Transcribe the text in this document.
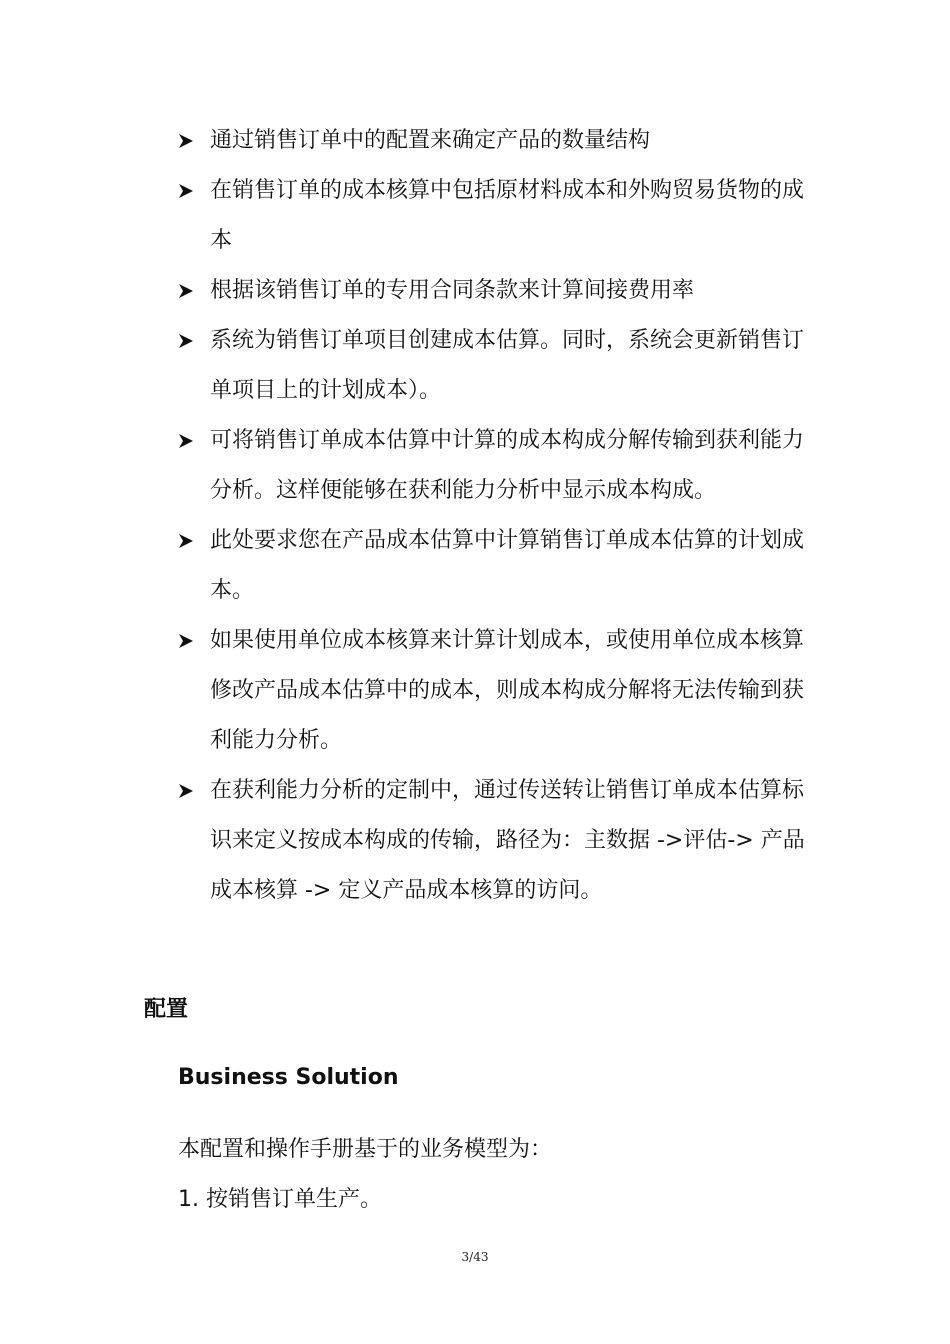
通过销售订单中的配置来确定产品的数量结构
在销售订单的成本核算中包括原材料成本和外购贸易货物的成本
根据该销售订单的专用合同条款来计算间接费用率
系统为销售订单项目创建成本估算。同时，系统会更新销售订单项目上的计划成本）。
可将销售订单成本估算中计算的成本构成分解传输到获利能力分析。这样便能够在获利能力分析中显示成本构成。
此处要求您在产品成本估算中计算销售订单成本估算的计划成本。
如果使用单位成本核算来计算计划成本，或使用单位成本核算修改产品成本估算中的成本，则成本构成分解将无法传输到获利能力分析。
在获利能力分析的定制中，通过传送转让销售订单成本估算标识来定义按成本构成的传输，路径为：主数据 ->评估-> 产品成本核算 -> 定义产品成本核算的访问。
配置
Business Solution

本配置和操作手册基于的业务模型为：

1. 按销售订单生产。

3/43
